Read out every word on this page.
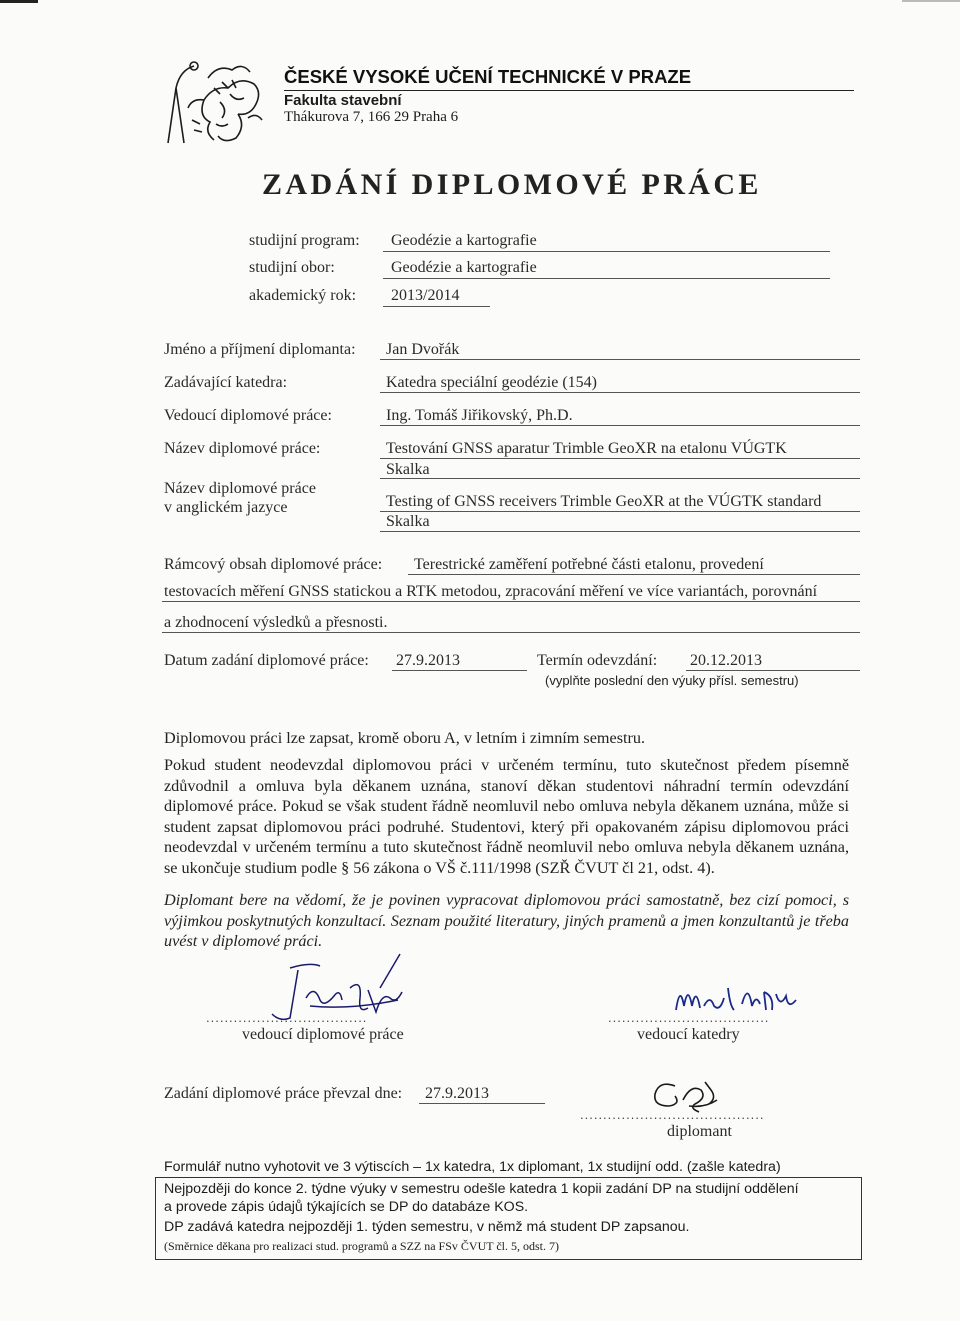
ČESKÉ VYSOKÉ UČENÍ TECHNICKÉ V PRAZE
Fakulta stavební
Thákurova 7, 166 29 Praha 6
ZADÁNÍ DIPLOMOVÉ PRÁCE
studijní program: Geodézie a kartografie
studijní obor:	Geodézie a kartografie
akademický rok: 2013/2014
Jméno a příjmení diplomanta: Jan Dvořák
Zadávající katedra:	Katedra speciální geodézie (154)
Vedoucí diplomové práce:	Ing. Tomáš Jiřikovský, Ph.D.
Název diplomové práce:	Testování GNSS aparatur Trimble GeoXR na etalonu VÚGTK
Skalka
Název diplomové práce
v anglickém jazyce	Testing of GNSS receivers Trimble GeoXR at the VÚGTK standard
Skalka
Rámcový obsah diplomové práce: Terestrické zaměření potřebné části etalonu, provedení
testovacích měření GNSS statickou a RTK metodou, zpracování měření ve více variantách, porovnání
a zhodnocení výsledků a přesnosti.
Datum zadání diplomové práce: 27.9.2013	Termín odevzdání: 20.12.2013
(vyplňte poslední den výuky přísl. semestru)
Diplomovou práci lze zapsat, kromě oboru A, v letním i zimním semestru.
Pokud student neodevzdal diplomovou práci v určeném termínu, tuto skutečnost předem písemně zdůvodnil a omluva byla děkanem uznána, stanoví děkan studentovi náhradní termín odevzdání diplomové práce. Pokud se však student řádně neomluvil nebo omluva nebyla děkanem uznána, může si student zapsat diplomovou práci podruhé. Studentovi, který při opakovaném zápisu diplomovou práci neodevzdal v určeném termínu a tuto skutečnost řádně neomluvil nebo omluva nebyla děkanem uznána, se ukončuje studium podle § 56 zákona o VŠ č.111/1998 (SZŘ ČVUT čl 21, odst. 4).
Diplomant bere na vědomí, že je povinen vypracovat diplomovou práci samostatně, bez cizí pomoci, s výjimkou poskytnutých konzultací. Seznam použité literatury, jiných pramenů a jmen konzultantů je třeba uvést v diplomové práci.
...................................
vedoucí diplomové práce
...................................
vedoucí katedry
Zadání diplomové práce převzal dne: 27.9.2013
........................................
diplomant
Formulář nutno vyhotovit ve 3 výtiscích – 1x katedra, 1x diplomant, 1x studijní odd. (zašle katedra)
Nejpozději do konce 2. týdne výuky v semestru odešle katedra 1 kopii zadání DP na studijní oddělení
a provede zápis údajů týkajících se DP do databáze KOS.
DP zadává katedra nejpozději 1. týden semestru, v němž má student DP zapsanou.
(Směrnice děkana pro realizaci stud. programů a SZZ na FSv ČVUT čl. 5, odst. 7)
